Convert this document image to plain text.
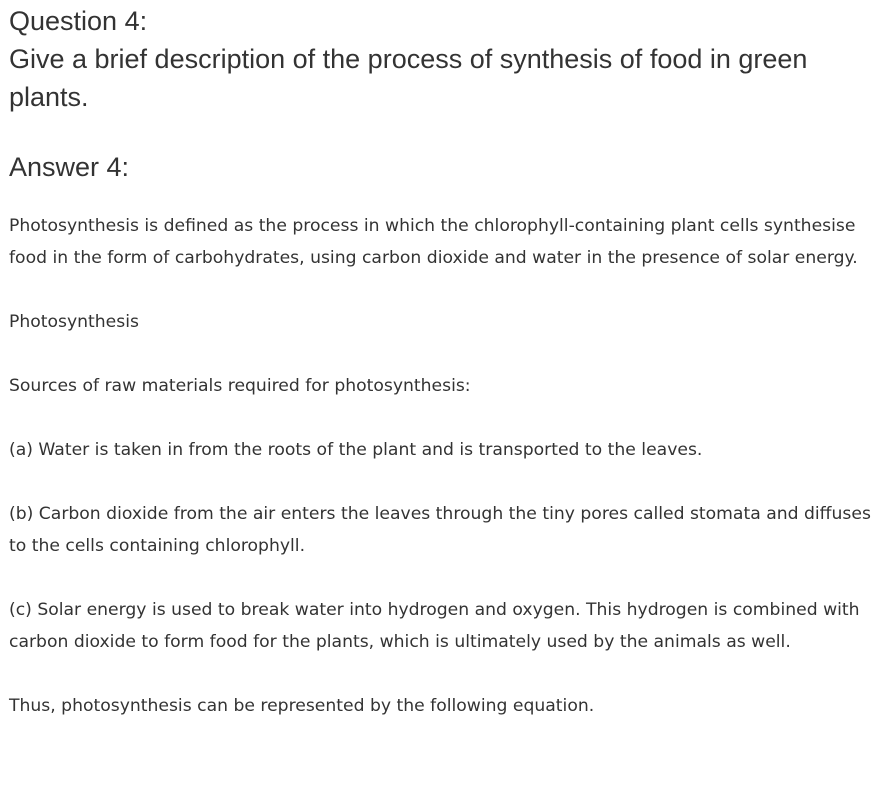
Question 4:
Give a brief description of the process of synthesis of food in green plants.
Answer 4:

Photosynthesis is defined as the process in which the chlorophyll-containing plant cells synthesise food in the form of carbohydrates, using carbon dioxide and water in the presence of solar energy.

Photosynthesis

Sources of raw materials required for photosynthesis:

(a) Water is taken in from the roots of the plant and is transported to the leaves.

(b) Carbon dioxide from the air enters the leaves through the tiny pores called stomata and diffuses to the cells containing chlorophyll.

(c) Solar energy is used to break water into hydrogen and oxygen. This hydrogen is combined with carbon dioxide to form food for the plants, which is ultimately used by the animals as well.

Thus, photosynthesis can be represented by the following equation.
